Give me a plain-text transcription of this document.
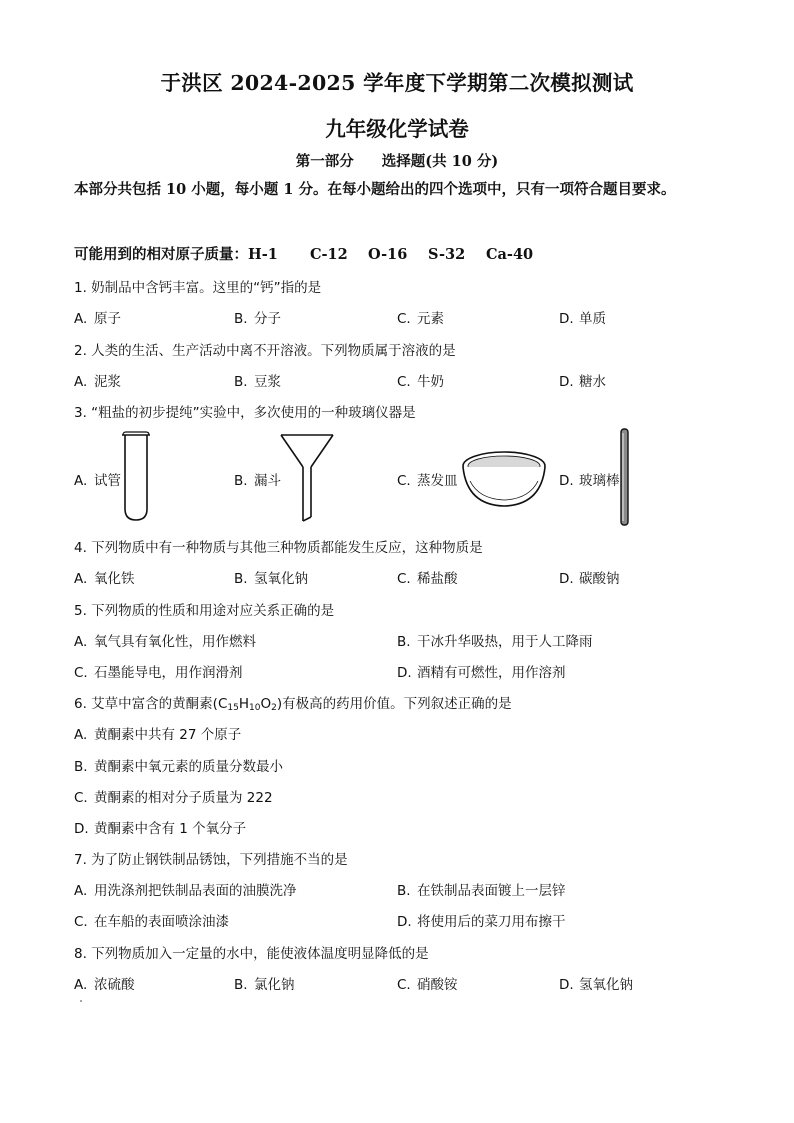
于洪区 2024-2025 学年度下学期第二次模拟测试
九年级化学试卷
第一部分 选择题(共 10 分)
本部分共包括 10 小题，每小题 1 分。在每小题给出的四个选项中，只有一项符合题目要求。
可能用到的相对原子质量：H-1 C-12 O-16 S-32 Ca-40
1. 奶制品中含钙丰富。这里的“钙”指的是
A. 原子	B. 分子	C. 元素	D. 单质
2. 人类的生活、生产活动中离不开溶液。下列物质属于溶液的是
A. 泥浆	B. 豆浆	C. 牛奶	D. 糖水
3. “粗盐的初步提纯”实验中，多次使用的一种玻璃仪器是
A. 试管	B. 漏斗	C. 蒸发皿	D. 玻璃棒
4. 下列物质中有一种物质与其他三种物质都能发生反应，这种物质是
A. 氧化铁	B. 氢氧化钠	C. 稀盐酸	D. 碳酸钠
5. 下列物质的性质和用途对应关系正确的是
A. 氧气具有氧化性，用作燃料	B. 干冰升华吸热，用于人工降雨
C. 石墨能导电，用作润滑剂	D. 酒精有可燃性，用作溶剂
6. 艾草中富含的黄酮素$(C_{15}H_{10}O_2)$有极高的药用价值。下列叙述正确的是
A. 黄酮素中共有 27 个原子
B. 黄酮素中氧元素的质量分数最小
C. 黄酮素的相对分子质量为 222
D. 黄酮素中含有 1 个氧分子
7. 为了防止钢铁制品锈蚀，下列措施不当的是
A. 用洗涤剂把铁制品表面的油膜洗净	B. 在铁制品表面镀上一层锌
C. 在车船的表面喷涂油漆	D. 将使用后的菜刀用布擦干
8. 下列物质加入一定量的水中，能使液体温度明显降低的是
A. 浓硫酸	B. 氯化钠	C. 硝酸铵	D. 氢氧化钠
